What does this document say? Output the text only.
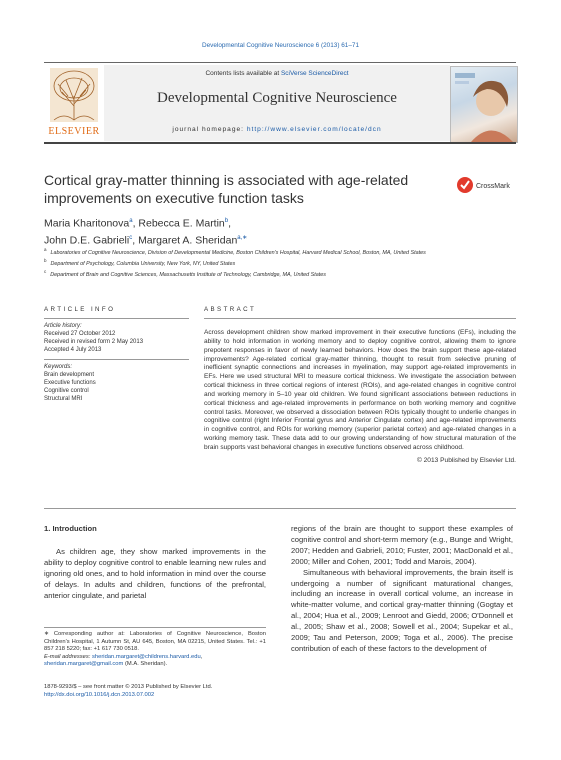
Developmental Cognitive Neuroscience 6 (2013) 61–71
ELSEVIER
Contents lists available at SciVerse ScienceDirect
Developmental Cognitive Neuroscience
journal homepage: http://www.elsevier.com/locate/dcn
Cortical gray-matter thinning is associated with age-related improvements on executive function tasks
CrossMark
Maria Kharitonova$^a$, Rebecca E. Martin$^b$,
John D.E. Gabrieli$^c$, Margaret A. Sheridan$^{a,∗}$
$^a$Laboratories of Cognitive Neuroscience, Division of Developmental Medicine, Boston Children's Hospital, Harvard Medical School, Boston, MA, United States
$^b$Department of Psychology, Columbia University, New York, NY, United States
$^c$Department of Brain and Cognitive Sciences, Massachusetts Institute of Technology, Cambridge, MA, United States
ARTICLE INFO
Article history:
Received 27 October 2012
Received in revised form 2 May 2013
Accepted 4 July 2013
Keywords:
Brain development
Executive functions
Cognitive control
Structural MRI
ABSTRACT
Across development children show marked improvement in their executive functions (EFs), including the ability to hold information in working memory and to deploy cognitive control, allowing them to ignore prepotent responses in favor of newly learned behaviors. How does the brain support these age-related improvements? Age-related cortical gray-matter thinning, thought to result from selective pruning of inefficient synaptic connections and increases in myelination, may support age-related improvements in EFs. Here we used structural MRI to measure cortical thickness. We investigate the association between cortical thickness in three cortical regions of interest (ROIs), and age-related changes in cognitive control and working memory in 5–10 year old children. We found significant associations between reductions in cortical thickness and age-related improvements in performance on both working memory and cognitive control tasks. Moreover, we observed a dissociation between ROIs typically thought to underlie changes in cognitive control (right Inferior Frontal gyrus and Anterior Cingulate cortex) and age-related improvements in cognitive control, and ROIs for working memory (superior parietal cortex) and age-related changes in a working memory task. These data add to our growing understanding of how structural maturation of the brain supports vast behavioral changes in executive functions observed across childhood.
© 2013 Published by Elsevier Ltd.
1. Introduction

As children age, they show marked improvements in the ability to deploy cognitive control to enable learning new rules and ignoring old ones, and to hold information in mind over the course of delays. In adults and children, functions of the prefrontal, anterior cingulate, and parietal

∗ Corresponding author at: Laboratories of Cognitive Neuroscience, Boston Children's Hospital, 1 Autumn St, AU 645, Boston, MA 02215, United States. Tel.: +1 857 218 5220; fax: +1 617 730 0518.
E-mail addresses: sheridan.margaret@childrens.harvard.edu,
sheridan.margaret@gmail.com (M.A. Sheridan).
1878-9293/$ – see front matter © 2013 Published by Elsevier Ltd.
http://dx.doi.org/10.1016/j.dcn.2013.07.002

regions of the brain are thought to support these examples of cognitive control and short-term memory (e.g., Bunge and Wright, 2007; Hedden and Gabrieli, 2010; Fuster, 2001; MacDonald et al., 2000; Miller and Cohen, 2001; Todd and Marois, 2004).

Simultaneous with behavioral improvements, the brain itself is undergoing a number of significant maturational changes, including an increase in overall cortical volume, an increase in white-matter volume, and cortical gray-matter thinning (Gogtay et al., 2004; Hua et al., 2009; Lenroot and Giedd, 2006; O'Donnell et al., 2005; Shaw et al., 2008; Sowell et al., 2004; Supekar et al., 2009; Tau and Peterson, 2009; Toga et al., 2006). The precise contribution of each of these factors to the development of
